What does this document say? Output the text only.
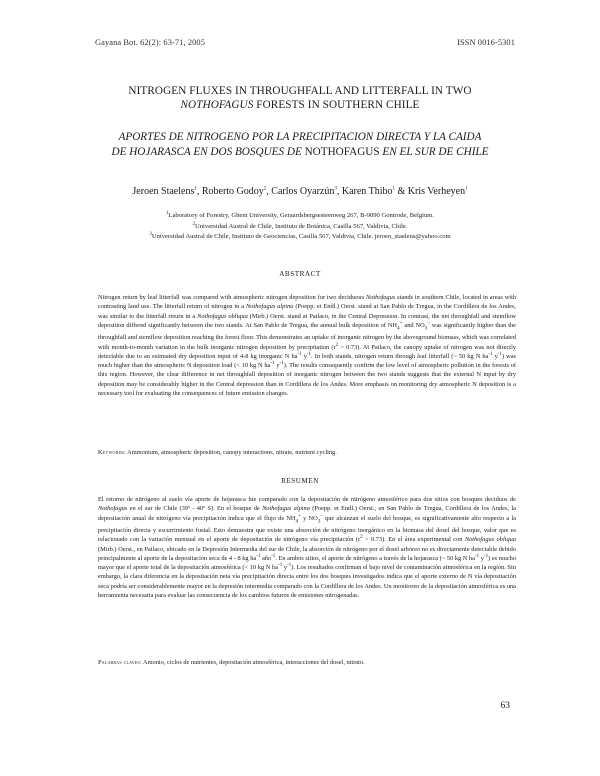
Gayana Bot. 62(2): 63-71, 2005	ISSN 0016-5301
NITROGEN FLUXES IN THROUGHFALL AND LITTERFALL IN TWO
NOTHOFAGUS FORESTS IN SOUTHERN CHILE
APORTES DE NITROGENO POR LA PRECIPITACION DIRECTA Y LA CAIDA
DE HOJARASCA EN DOS BOSQUES DE NOTHOFAGUS EN EL SUR DE CHILE
Jeroen Staelens$^1$, Roberto Godoy$^2$, Carlos Oyarzún$^3$, Karen Thibo$^1$ & Kris Verheyen$^1$
$^1$Laboratory of Forestry, Ghent University, Geraardsbergsesteenweg 267, B-9090 Gontrode, Belgium.
$^2$Universidad Austral de Chile, Instituto de Botánica, Casilla 567, Valdivia, Chile.
$^3$Universidad Austral de Chile, Instituto de Geociencias, Casilla 567, Valdivia, Chile. jeroen_staelens@yahoo.com
ABSTRACT

Nitrogen return by leaf litterfall was compared with atmospheric nitrogen deposition for two deciduous Nothofagus stands in southern Chile, located in areas with contrasting land use. The litterfall return of nitrogen in a Nothofagus alpina (Poepp. et Endl.) Oerst. stand at San Pablo de Tregua, in the Cordillera de los Andes, was similar to the litterfall return in a Nothofagus obliqua (Mirb.) Oerst. stand at Pailaco, in the Central Depression. In contrast, the net throughfall and stemflow deposition differed significantly between the two stands. At San Pablo de Tregua, the annual bulk deposition of $NH_4^+$ and $NO_3^-$ was significantly higher than the throughfall and stemflow deposition reaching the forest floor. This demonstrates an uptake of inorganic nitrogen by the aboveground biomass, which was correlated with month-to-month variation in the bulk inorganic nitrogen deposition by precipitation $(r^2 > 0.73)$. At Pailaco, the canopy uptake of nitrogen was not directly detectable due to an estimated dry deposition input of 4-8 kg inorganic N $ha^{-1}$ $y^{-1}$. In both stands, nitrogen return through leaf litterfall (~ 50 kg N $ha^{-1}$ $y^{-1}$) was much higher than the atmospheric N deposition load (< 10 kg N $ha^{-1}$ $y^{-1}$). The results consequently confirm the low level of atmospheric pollution in the forests of this region. However, the clear difference in net throughfall deposition of inorganic nitrogen between the two stands suggests that the external N input by dry deposition may be considerably higher in the Central depression than in Cordillera de los Andes. More emphasis on monitoring dry atmospheric N deposition is a necessary tool for evaluating the consequences of future emission changes.

Keywords: Ammonium, atmospheric deposition, canopy interactions, nitrate, nutrient cycling.
RESUMEN

El retorno de nitrógeno al suelo vía aporte de hojarasca fue comparado con la depositación de nitrógeno atmosférico para dos sitios con bosques deciduos de Nothofagus en el sur de Chile (39º - 40º S). En el bosque de Nothofagus alpina (Poepp. et Endl.) Oerst., en San Pablo de Tregua, Cordillera de los Andes, la depositación anual de nitrógeno vía precipitación indica que el flujo de $NH_4^+$ y $NO_3^-$ que alcanzan el suelo del bosque, es significativamente alto respecto a la precipitación directa y escurrimiento fustal. Esto demuestra que existe una absorción de nitrógeno inorgánico en la biomasa del dosel del bosque, valor que es relacionado con la variación mensual en el aporte de depositación de nitrógeno vía precipitación $(r^2 > 0.73)$. En el área experimental con Nothofagus obliqua (Mirb.) Oerst., en Pailaco, ubicado en la Depresión Intermedia del sur de Chile, la absorción de nitrógeno por el dosel arbóreo no es directamente detectable debido principalmente al aporte de la depositación seca de 4 - 8 kg $ha^{-1}$ año$^{-1}$. En ambos sitios, el aporte de nitrógeno a través de la hojarasca (~ 50 kg N $ha^{-1}$ $y^{-1}$) es mucho mayor que el aporte total de la depositación atmosférica (< 10 kg N $ha^{-1}$ $y^{-1}$). Los resultados confirman el bajo nivel de contaminación atmosférica en la región. Sin embargo, la clara diferencia en la depositación neta vía precipitación directa entre los dos bosques investigados indica que el aporte externo de N vía depositación seca podría ser considerablemente mayor en la depresión intermedia comparado con la Cordillera de los Andes. Un monitoreo de la depositación atmosférica es una herramienta necesaria para evaluar las consecuencia de los cambios futuros de emisiones nitrogenadas.

Palabras claves: Amonio, ciclos de nutrientes, depositación atmosférica, interacciones del dosel, nitrato.
63
